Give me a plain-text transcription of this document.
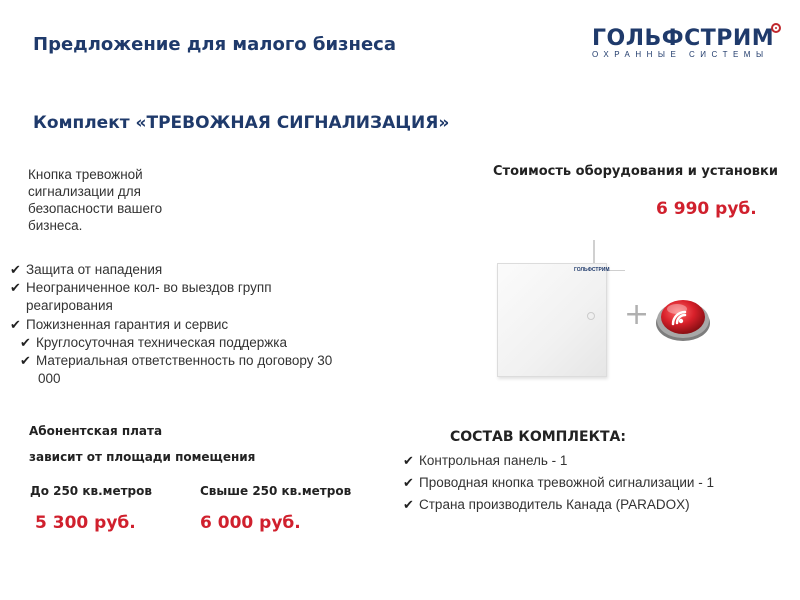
Предложение для малого бизнеса	ГОЛЬФСТРИМ
ОХРАННЫЕ СИСТЕМЫ
Комплект «ТРЕВОЖНАЯ СИГНАЛИЗАЦИЯ»
Кнопка тревожной сигнализации для безопасности вашего бизнеса.
✔ Защита от нападения
✔ Неограниченное кол- во выездов групп
реагирования
✔ Пожизненная гарантия и сервис
✔ Круглосуточная техническая поддержка
✔ Материальная ответственность по договору 30
000
Стоимость оборудования и установки
6 990 руб.
ГОЛЬФСТРИМ
+
Абонентская плата
зависит от площади помещения
До 250 кв.метров	Свыше 250 кв.метров
5 300 руб.	6 000 руб.
СОСТАВ КОМПЛЕКТА:
✔ Контрольная панель - 1
✔ Проводная кнопка тревожной сигнализации - 1
✔ Страна производитель Канада (PARADOX)
